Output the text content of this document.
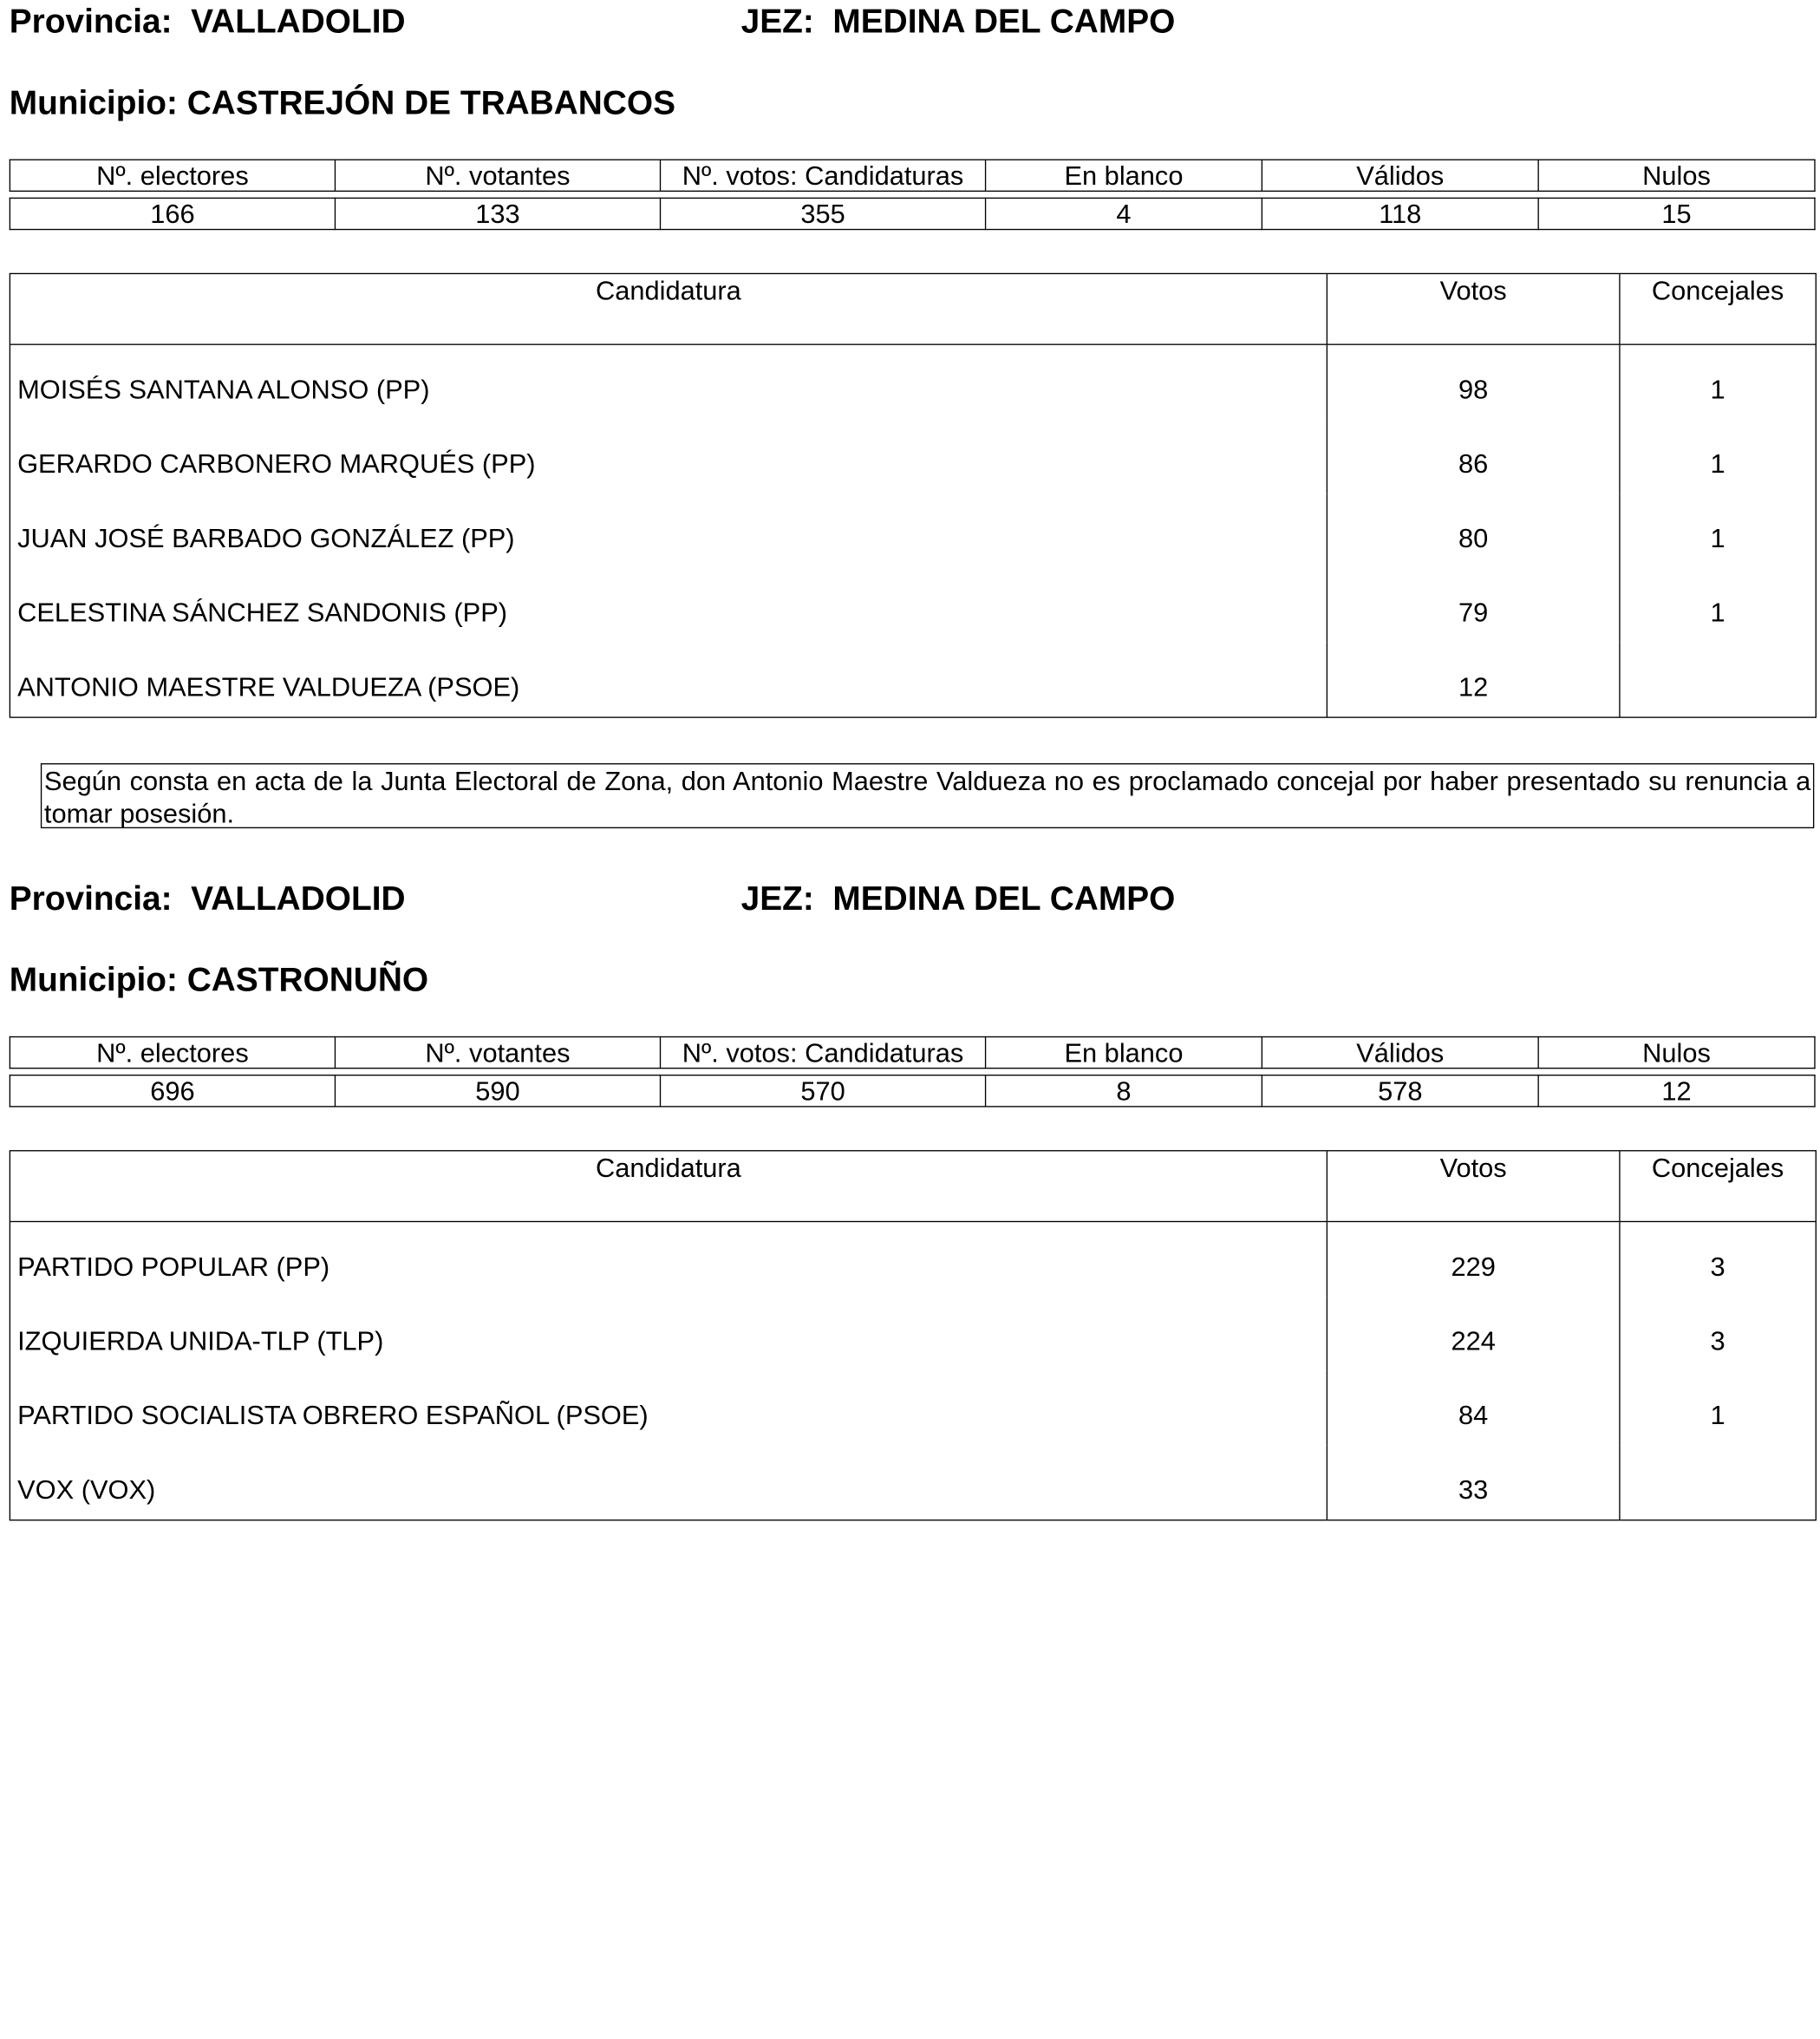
Provincia: VALLADOLID	JEZ: MEDINA DEL CAMPO
Municipio: CASTREJÓN DE TRABANCOS
Nº. electores	Nº. votantes	Nº. votos: Candidaturas	En blanco	Válidos	Nulos

166	133	355	4	118	15
Candidatura	Votos	Concejales
MOISÉS SANTANA ALONSO (PP)	98	1
GERARDO CARBONERO MARQUÉS (PP)	86	1
JUAN JOSÉ BARBADO GONZÁLEZ (PP)	80	1
CELESTINA SÁNCHEZ SANDONIS (PP)	79	1
ANTONIO MAESTRE VALDUEZA (PSOE)	12
Según consta en acta de la Junta Electoral de Zona, don Antonio Maestre Valdueza no es proclamado concejal por haber presentado su renuncia a tomar posesión.
Provincia: VALLADOLID	JEZ: MEDINA DEL CAMPO
Municipio: CASTRONUÑO
Nº. electores	Nº. votantes	Nº. votos: Candidaturas	En blanco	Válidos	Nulos

696	590	570	8	578	12
Candidatura	Votos	Concejales
PARTIDO POPULAR (PP)	229	3
IZQUIERDA UNIDA-TLP (TLP)	224	3
PARTIDO SOCIALISTA OBRERO ESPAÑOL (PSOE)	84	1
VOX (VOX)	33
